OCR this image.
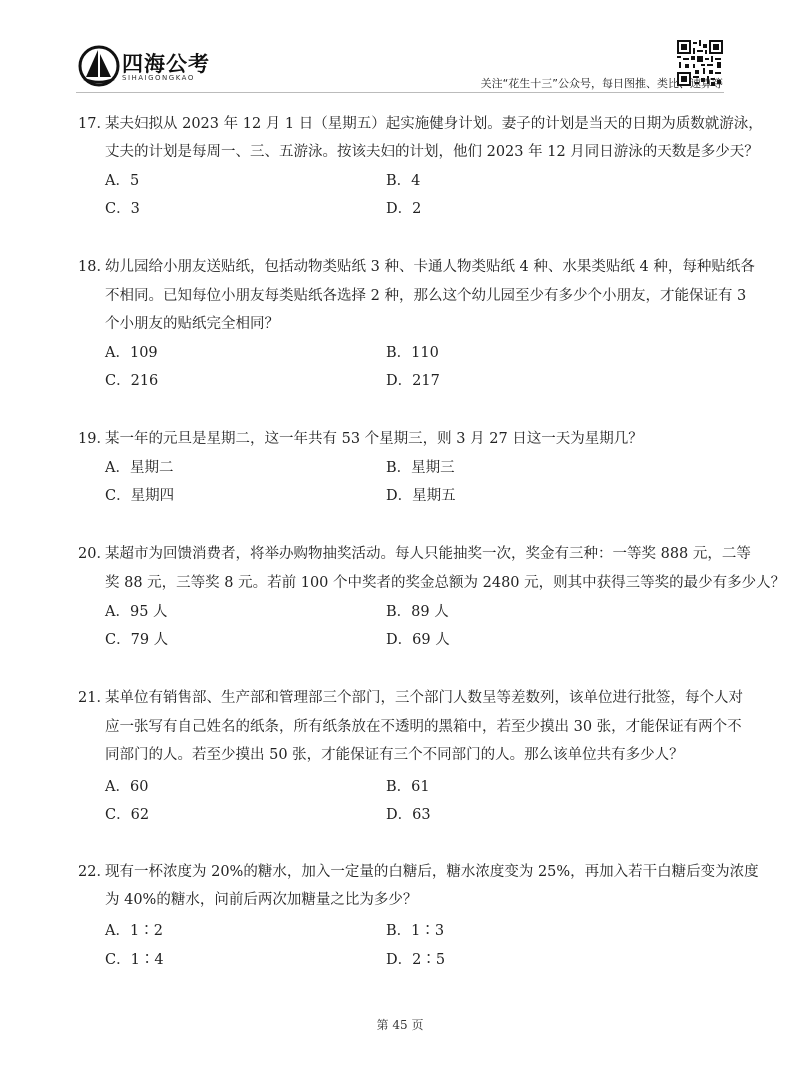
四海公考
SIHAIGONGKAO	关注“花生十三”公众号，每日图推、类比、速算等
17．
某夫妇拟从 2023 年 12 月 1 日（星期五）起实施健身计划。妻子的计划是当天的日期为质数就游泳，
丈夫的计划是每周一、三、五游泳。按该夫妇的计划，他们 2023 年 12 月同日游泳的天数是多少天？
A．5	B．4
C．3	D．2
18．
幼儿园给小朋友送贴纸，包括动物类贴纸 3 种、卡通人物类贴纸 4 种、水果类贴纸 4 种，每种贴纸各
不相同。已知每位小朋友每类贴纸各选择 2 种，那么这个幼儿园至少有多少个小朋友，才能保证有 3
个小朋友的贴纸完全相同？
A．109	B．110
C．216	D．217
19．
某一年的元旦是星期二，这一年共有 53 个星期三，则 3 月 27 日这一天为星期几？
A．星期二	B．星期三
C．星期四	D．星期五
20．
某超市为回馈消费者，将举办购物抽奖活动。每人只能抽奖一次，奖金有三种：一等奖 888 元，二等
奖 88 元，三等奖 8 元。若前 100 个中奖者的奖金总额为 2480 元，则其中获得三等奖的最少有多少人？
A．95 人	B．89 人
C．79 人	D．69 人
21．
某单位有销售部、生产部和管理部三个部门，三个部门人数呈等差数列，该单位进行批签，每个人对
应一张写有自己姓名的纸条，所有纸条放在不透明的黑箱中，若至少摸出 30 张，才能保证有两个不
同部门的人。若至少摸出 50 张，才能保证有三个不同部门的人。那么该单位共有多少人？
A．60	B．61
C．62	D．63
22．
现有一杯浓度为 20%的糖水，加入一定量的白糖后，糖水浓度变为 25%，再加入若干白糖后变为浓度
为 40%的糖水，问前后两次加糖量之比为多少？
A．1∶2	B．1∶3
C．1∶4	D．2∶5
第 45 页
